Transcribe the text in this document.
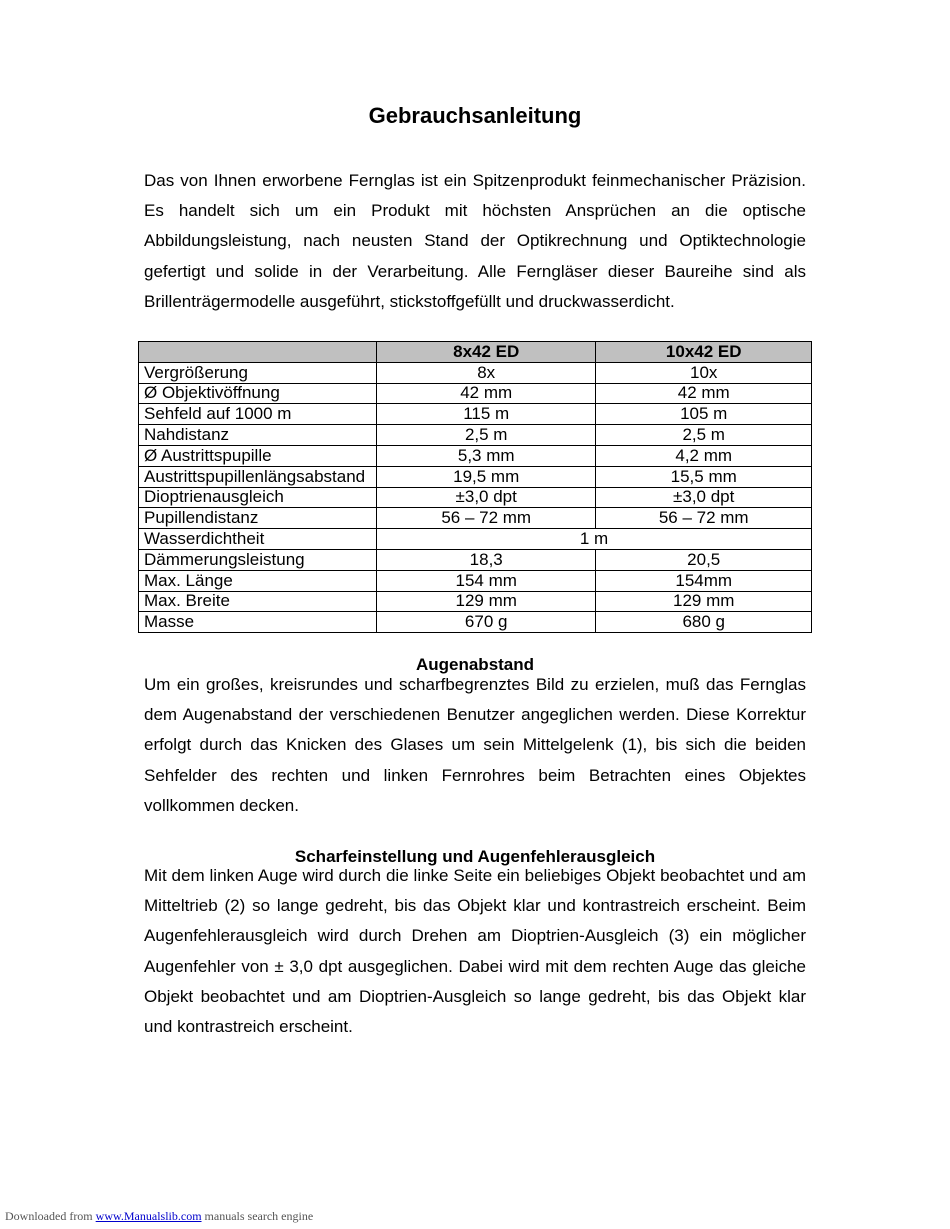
Gebrauchsanleitung

Das von Ihnen erworbene Fernglas ist ein Spitzenprodukt feinmechanischer Präzision. Es handelt sich um ein Produkt mit höchsten Ansprüchen an die optische Abbildungsleistung, nach neusten Stand der Optikrechnung und Optiktechnologie gefertigt und solide in der Verarbeitung. Alle Ferngläser dieser Baureihe sind als Brillenträgermodelle ausgeführt, stickstoffgefüllt und druckwasserdicht.

	8x42 ED	10x42 ED
Vergrößerung	8x	10x
Ø Objektivöffnung	42 mm	42 mm
Sehfeld auf 1000 m	115 m	105 m
Nahdistanz	2,5 m	2,5 m
Ø Austrittspupille	5,3 mm	4,2 mm
Austrittspupillenlängsabstand	19,5 mm	15,5 mm
Dioptrienausgleich	±3,0 dpt	±3,0 dpt
Pupillendistanz	56 – 72 mm	56 – 72 mm
Wasserdichtheit	1 m	
Dämmerungsleistung	18,3	20,5
Max. Länge	154 mm	154mm
Max. Breite	129 mm	129 mm
Masse	670 g	680 g
Augenabstand

Um ein großes, kreisrundes und scharfbegrenztes Bild zu erzielen, muß das Fernglas dem Augenabstand der verschiedenen Benutzer angeglichen werden. Diese Korrektur erfolgt durch das Knicken des Glases um sein Mittelgelenk (1), bis sich die beiden Sehfelder des rechten und linken Fernrohres beim Betrachten eines Objektes vollkommen decken.

Scharfeinstellung und Augenfehlerausgleich

Mit dem linken Auge wird durch die linke Seite ein beliebiges Objekt beobachtet und am Mitteltrieb (2) so lange gedreht, bis das Objekt klar und kontrastreich erscheint. Beim Augenfehlerausgleich wird durch Drehen am Dioptrien-Ausgleich (3) ein möglicher Augenfehler von ± 3,0 dpt ausgeglichen. Dabei wird mit dem rechten Auge das gleiche Objekt beobachtet und am Dioptrien-Ausgleich so lange gedreht, bis das Objekt klar und kontrastreich erscheint.

Downloaded from www.Manualslib.com manuals search engine
